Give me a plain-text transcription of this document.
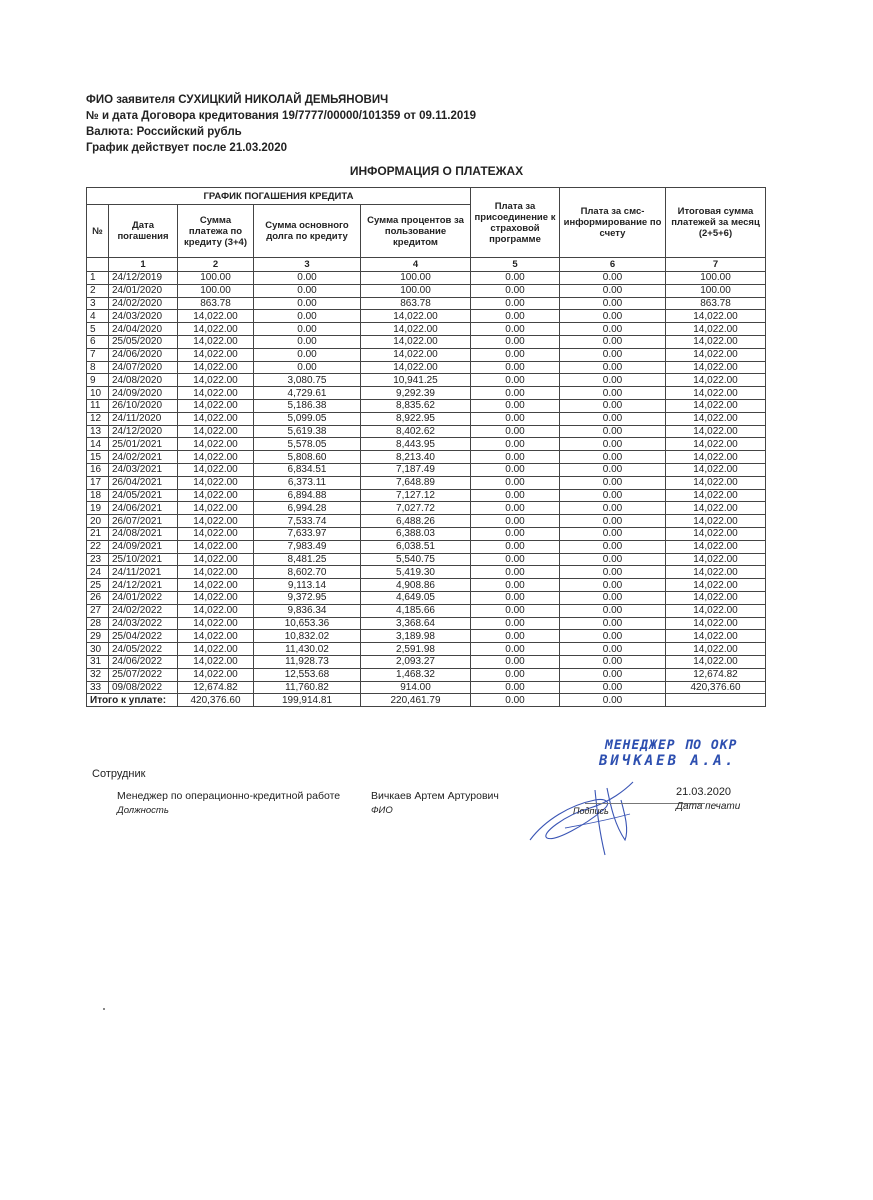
ФИО заявителя СУХИЦКИЙ НИКОЛАЙ ДЕМЬЯНОВИЧ
№ и дата Договора кредитования 19/7777/00000/101359 от 09.11.2019
Валюта: Российский рубль
График действует после 21.03.2020
ИНФОРМАЦИЯ О ПЛАТЕЖАХ
ГРАФИК ПОГАШЕНИЯ КРЕДИТА					Плата за присоединение к страховой программе	Плата за смс-информирование по счету	Итоговая сумма платежей за месяц (2+5+6)
№	Дата погашения	Сумма платежа по кредиту (3+4)	Сумма основного долга по кредиту	Сумма процентов за пользование кредитом			
	1	2	3	4	5	6	7
1	24/12/2019	100.00	0.00	100.00	0.00	0.00	100.00
2	24/01/2020	100.00	0.00	100.00	0.00	0.00	100.00
3	24/02/2020	863.78	0.00	863.78	0.00	0.00	863.78
4	24/03/2020	14,022.00	0.00	14,022.00	0.00	0.00	14,022.00
5	24/04/2020	14,022.00	0.00	14,022.00	0.00	0.00	14,022.00
6	25/05/2020	14,022.00	0.00	14,022.00	0.00	0.00	14,022.00
7	24/06/2020	14,022.00	0.00	14,022.00	0.00	0.00	14,022.00
8	24/07/2020	14,022.00	0.00	14,022.00	0.00	0.00	14,022.00
9	24/08/2020	14,022.00	3,080.75	10,941.25	0.00	0.00	14,022.00
10	24/09/2020	14,022.00	4,729.61	9,292.39	0.00	0.00	14,022.00
11	26/10/2020	14,022.00	5,186.38	8,835.62	0.00	0.00	14,022.00
12	24/11/2020	14,022.00	5,099.05	8,922.95	0.00	0.00	14,022.00
13	24/12/2020	14,022.00	5,619.38	8,402.62	0.00	0.00	14,022.00
14	25/01/2021	14,022.00	5,578.05	8,443.95	0.00	0.00	14,022.00
15	24/02/2021	14,022.00	5,808.60	8,213.40	0.00	0.00	14,022.00
16	24/03/2021	14,022.00	6,834.51	7,187.49	0.00	0.00	14,022.00
17	26/04/2021	14,022.00	6,373.11	7,648.89	0.00	0.00	14,022.00
18	24/05/2021	14,022.00	6,894.88	7,127.12	0.00	0.00	14,022.00
19	24/06/2021	14,022.00	6,994.28	7,027.72	0.00	0.00	14,022.00
20	26/07/2021	14,022.00	7,533.74	6,488.26	0.00	0.00	14,022.00
21	24/08/2021	14,022.00	7,633.97	6,388.03	0.00	0.00	14,022.00
22	24/09/2021	14,022.00	7,983.49	6,038.51	0.00	0.00	14,022.00
23	25/10/2021	14,022.00	8,481.25	5,540.75	0.00	0.00	14,022.00
24	24/11/2021	14,022.00	8,602.70	5,419.30	0.00	0.00	14,022.00
25	24/12/2021	14,022.00	9,113.14	4,908.86	0.00	0.00	14,022.00
26	24/01/2022	14,022.00	9,372.95	4,649.05	0.00	0.00	14,022.00
27	24/02/2022	14,022.00	9,836.34	4,185.66	0.00	0.00	14,022.00
28	24/03/2022	14,022.00	10,653.36	3,368.64	0.00	0.00	14,022.00
29	25/04/2022	14,022.00	10,832.02	3,189.98	0.00	0.00	14,022.00
30	24/05/2022	14,022.00	11,430.02	2,591.98	0.00	0.00	14,022.00
31	24/06/2022	14,022.00	11,928.73	2,093.27	0.00	0.00	14,022.00
32	25/07/2022	14,022.00	12,553.68	1,468.32	0.00	0.00	12,674.82
33	09/08/2022	12,674.82	11,760.82	914.00	0.00	0.00	420,376.60
Итого к уплате:		420,376.60	199,914.81	220,461.79	0.00	0.00	
Сотрудник
Менеджер по операционно-кредитной работе
Должность
Вичкаев Артем Артурович
ФИО
МЕНЕДЖЕР ПО ОКР
ВИЧКАЕВ А.А.
Подпись
21.03.2020
Дата печати
